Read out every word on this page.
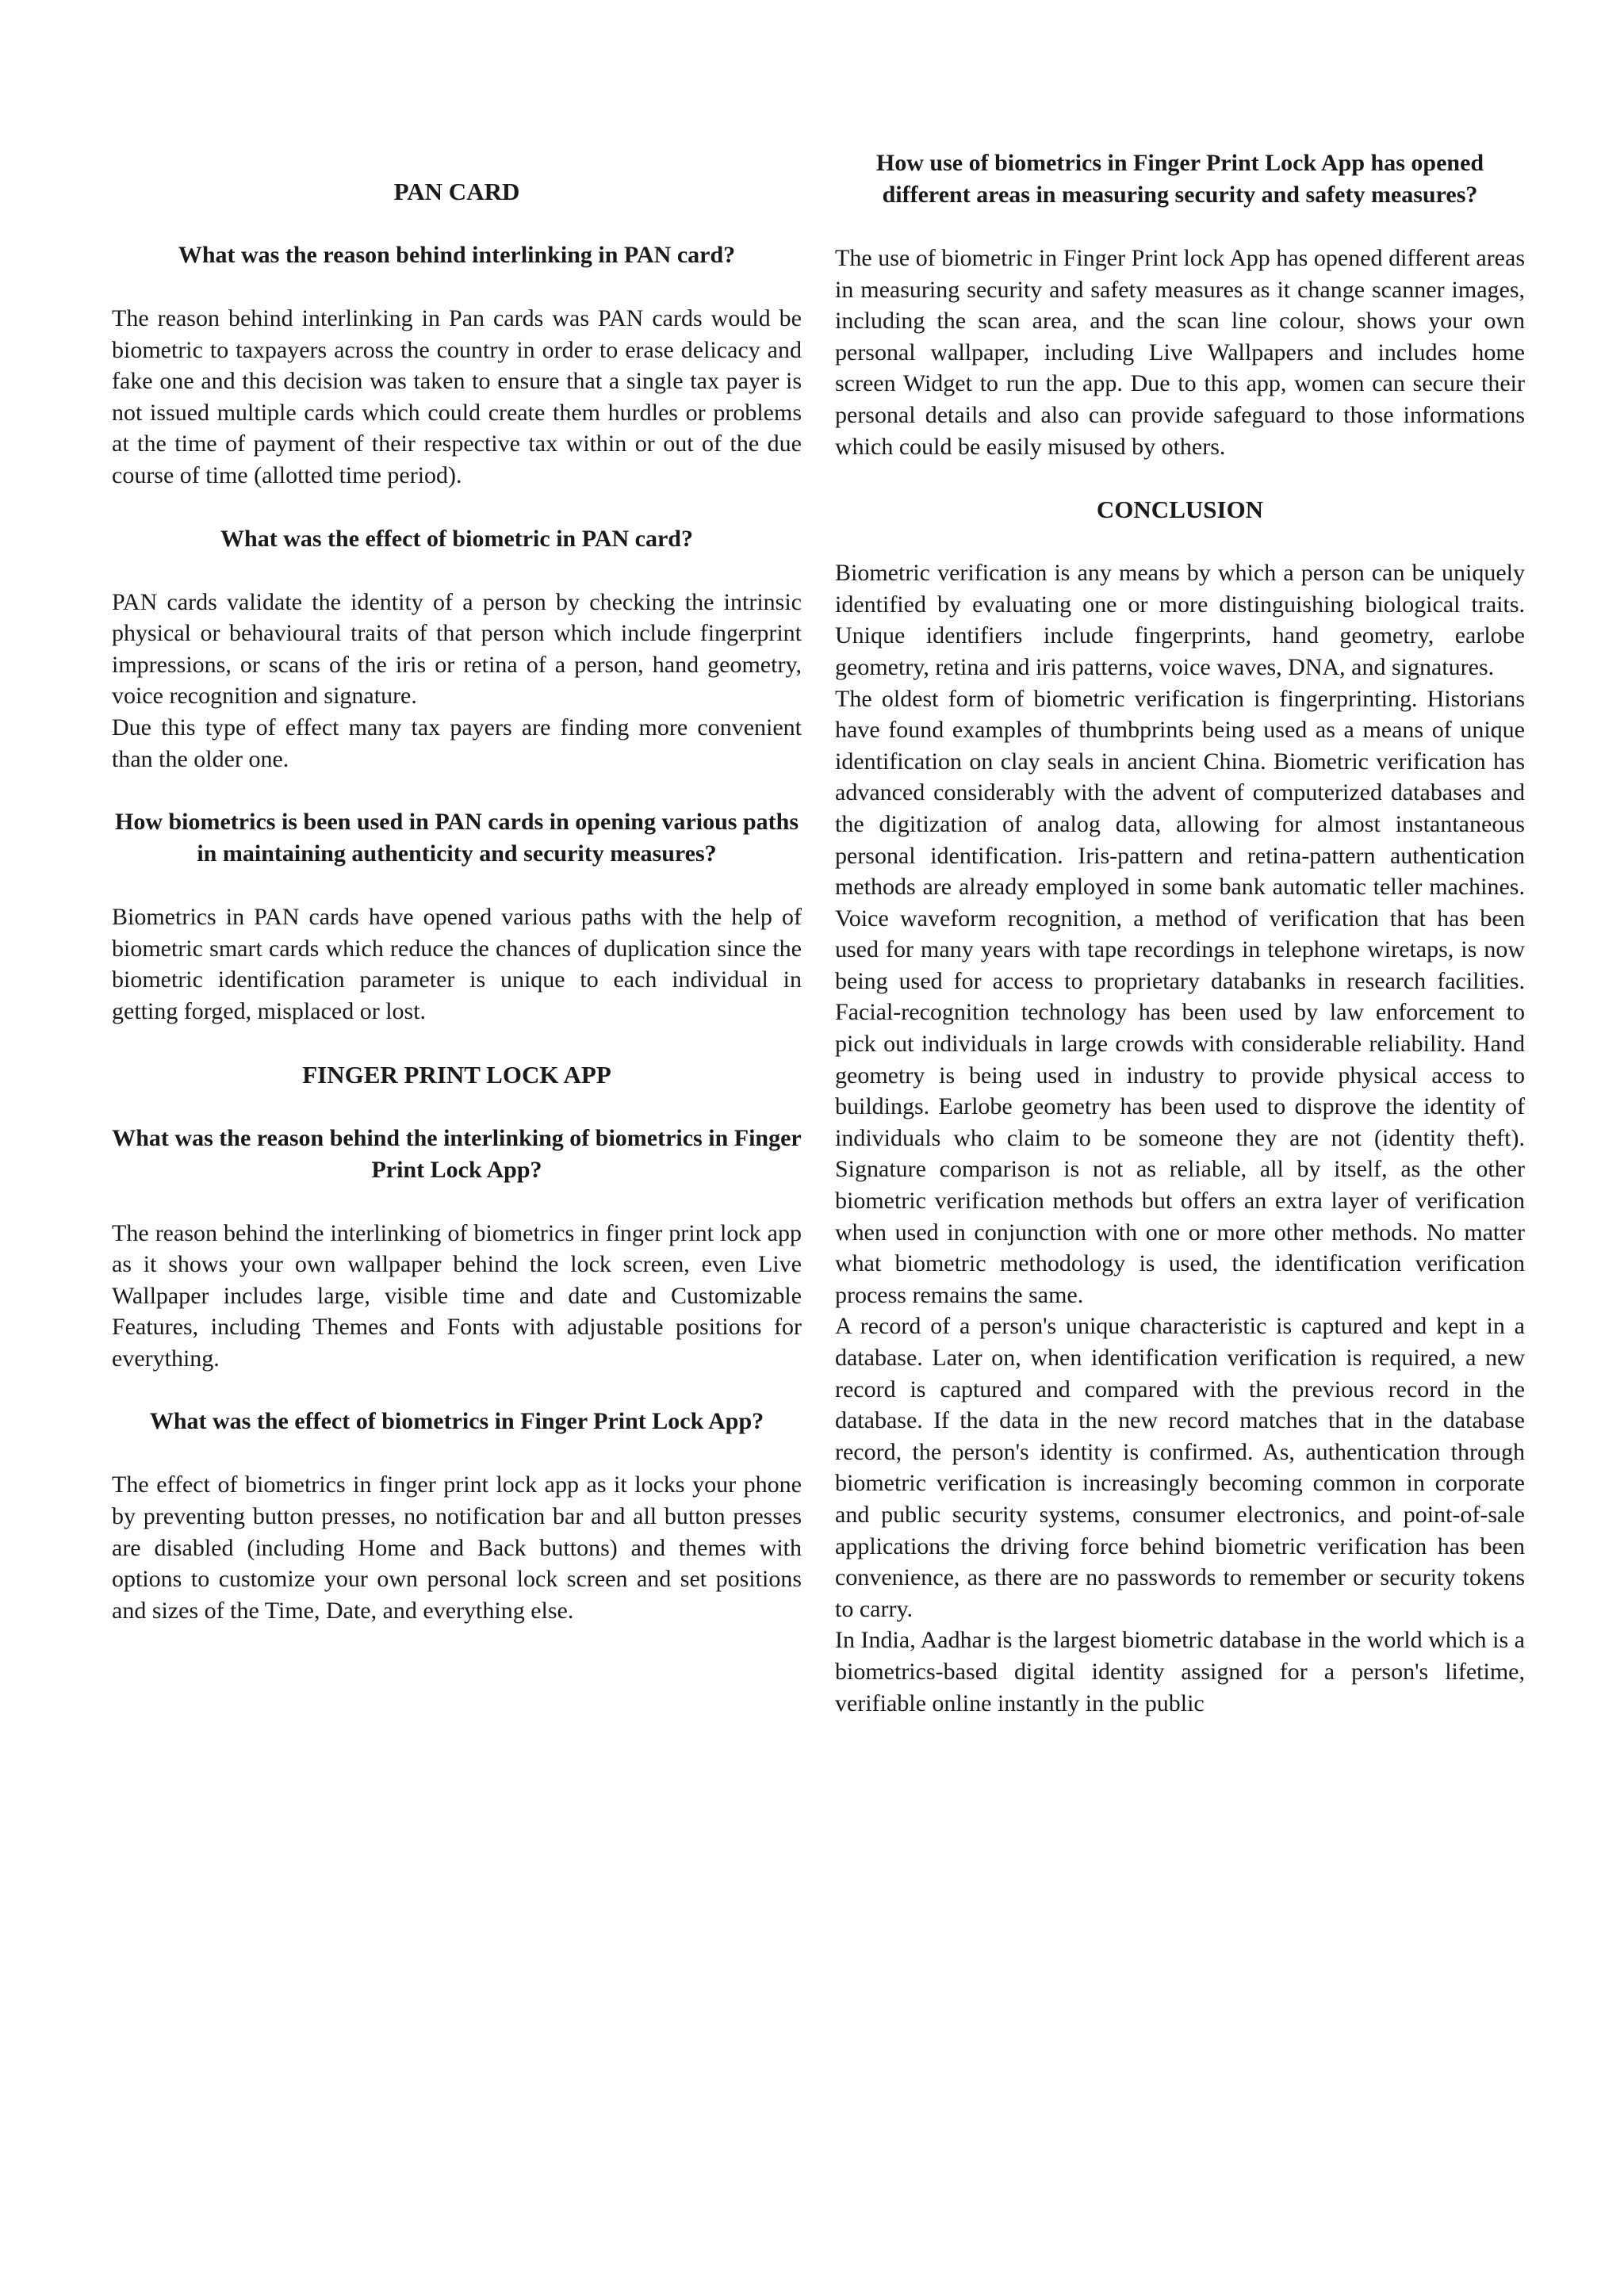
PAN CARD
What was the reason behind interlinking in PAN card?

The reason behind interlinking in Pan cards was PAN cards would be biometric to taxpayers across the country in order to erase delicacy and fake one and this decision was taken to ensure that a single tax payer is not issued multiple cards which could create them hurdles or problems at the time of payment of their respective tax within or out of the due course of time (allotted time period).

What was the effect of biometric in PAN card?

PAN cards validate the identity of a person by checking the intrinsic physical or behavioural traits of that person which include fingerprint impressions, or scans of the iris or retina of a person, hand geometry, voice recognition and signature.

Due this type of effect many tax payers are finding more convenient than the older one.

How biometrics is been used in PAN cards in opening various paths in maintaining authenticity and security measures?

Biometrics in PAN cards have opened various paths with the help of biometric smart cards which reduce the chances of duplication since the biometric identification parameter is unique to each individual in getting forged, misplaced or lost.

FINGER PRINT LOCK APP
What was the reason behind the interlinking of biometrics in Finger Print Lock App?

The reason behind the interlinking of biometrics in finger print lock app as it shows your own wallpaper behind the lock screen, even Live Wallpaper includes large, visible time and date and Customizable Features, including Themes and Fonts with adjustable positions for everything.

What was the effect of biometrics in Finger Print Lock App?

The effect of biometrics in finger print lock app as it locks your phone by preventing button presses, no notification bar and all button presses are disabled (including Home and Back buttons) and themes with options to customize your own personal lock screen and set positions and sizes of the Time, Date, and everything else.

How use of biometrics in Finger Print Lock App has opened different areas in measuring security and safety measures?

The use of biometric in Finger Print lock App has opened different areas in measuring security and safety measures as it change scanner images, including the scan area, and the scan line colour, shows your own personal wallpaper, including Live Wallpapers and includes home screen Widget to run the app. Due to this app, women can secure their personal details and also can provide safeguard to those informations which could be easily misused by others.

CONCLUSION

Biometric verification is any means by which a person can be uniquely identified by evaluating one or more distinguishing biological traits. Unique identifiers include fingerprints, hand geometry, earlobe geometry, retina and iris patterns, voice waves, DNA, and signatures.

The oldest form of biometric verification is fingerprinting. Historians have found examples of thumbprints being used as a means of unique identification on clay seals in ancient China. Biometric verification has advanced considerably with the advent of computerized databases and the digitization of analog data, allowing for almost instantaneous personal identification. Iris-pattern and retina-pattern authentication methods are already employed in some bank automatic teller machines. Voice waveform recognition, a method of verification that has been used for many years with tape recordings in telephone wiretaps, is now being used for access to proprietary databanks in research facilities. Facial-recognition technology has been used by law enforcement to pick out individuals in large crowds with considerable reliability. Hand geometry is being used in industry to provide physical access to buildings. Earlobe geometry has been used to disprove the identity of individuals who claim to be someone they are not (identity theft). Signature comparison is not as reliable, all by itself, as the other biometric verification methods but offers an extra layer of verification when used in conjunction with one or more other methods. No matter what biometric methodology is used, the identification verification process remains the same.

A record of a person's unique characteristic is captured and kept in a database. Later on, when identification verification is required, a new record is captured and compared with the previous record in the database. If the data in the new record matches that in the database record, the person's identity is confirmed. As, authentication through biometric verification is increasingly becoming common in corporate and public security systems, consumer electronics, and point-of-sale applications the driving force behind biometric verification has been convenience, as there are no passwords to remember or security tokens to carry.

In India, Aadhar is the largest biometric database in the world which is a biometrics-based digital identity assigned for a person's lifetime, verifiable online instantly in the public
